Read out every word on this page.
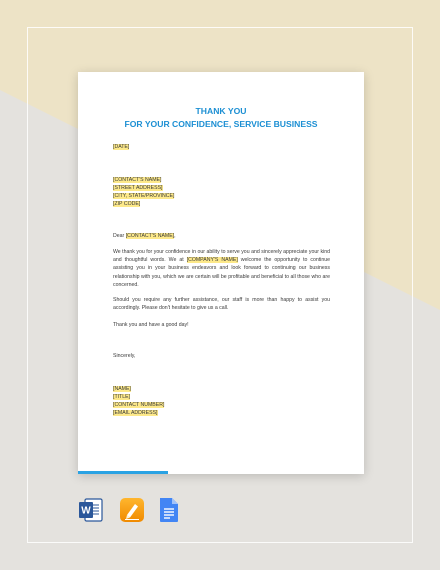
THANK YOU
FOR YOUR CONFIDENCE, SERVICE BUSINESS
[DATE]
[CONTACT'S NAME]
[STREET ADDRESS]
[CITY, STATE/PROVINCE]
[ZIP CODE]
Dear [CONTACT'S NAME],
We thank you for your confidence in our ability to serve you and sincerely appreciate your kind and thoughtful words. We at [COMPANY'S NAME] welcome the opportunity to continue assisting you in your business endeavors and look forward to continuing our business relationship with you, which we are certain will be profitable and beneficial to all those who are concerned.
Should you require any further assistance, our staff is more than happy to assist you accordingly. Please don't hesitate to give us a call.
Thank you and have a good day!
Sincerely,
[NAME]
[TITLE]
[CONTACT NUMBER]
[EMAIL ADDRESS]
W
